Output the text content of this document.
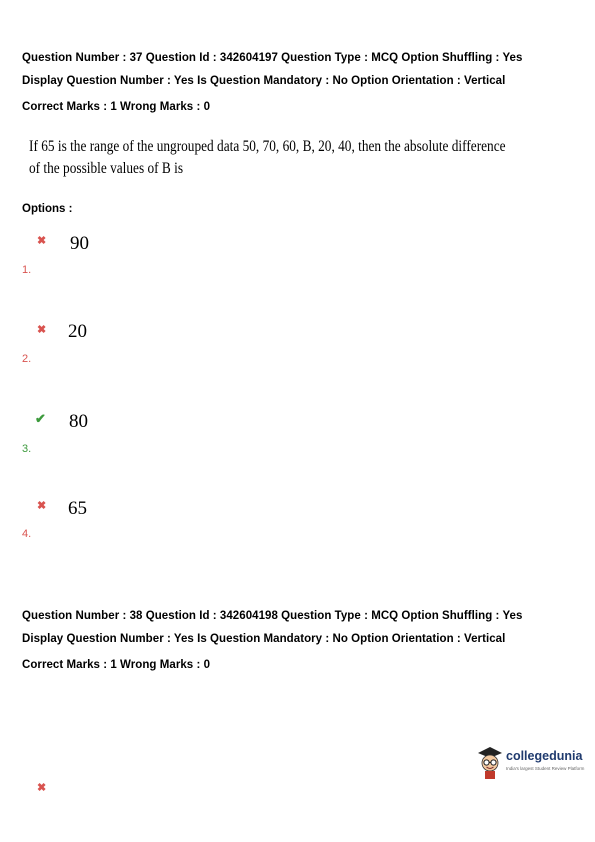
Question Number : 37 Question Id : 342604197 Question Type : MCQ Option Shuffling : Yes
Display Question Number : Yes Is Question Mandatory : No Option Orientation : Vertical
Correct Marks : 1 Wrong Marks : 0
If 65 is the range of the ungrouped data 50, 70, 60, B, 20, 40, then the absolute difference
of the possible values of B is
Options :
✖ 90
1.
✖ 20
2.
✔ 80
3.
✖ 65
4.
Question Number : 38 Question Id : 342604198 Question Type : MCQ Option Shuffling : Yes
Display Question Number : Yes Is Question Mandatory : No Option Orientation : Vertical
Correct Marks : 1 Wrong Marks : 0
collegedunia
India's largest Student Review Platform
✖
